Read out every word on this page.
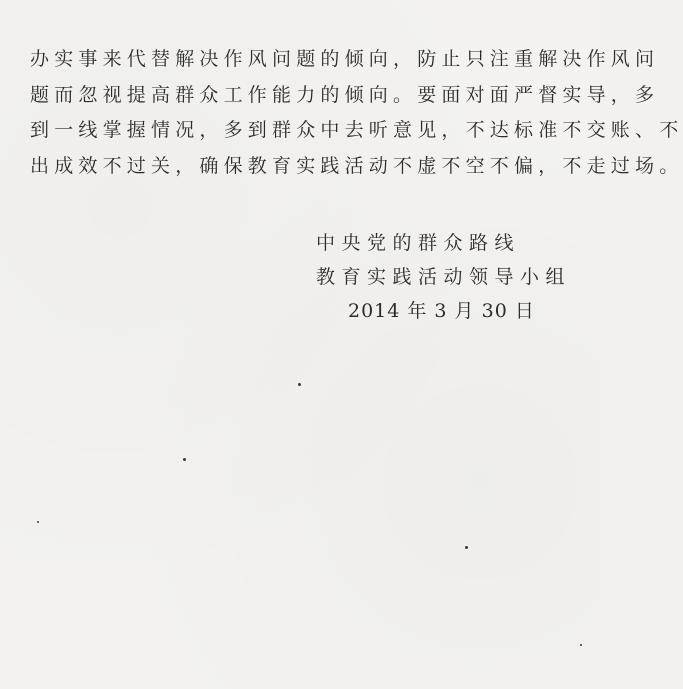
办实事来代替解决作风问题的倾向，防止只注重解决作风问
题而忽视提高群众工作能力的倾向。要面对面严督实导，多
到一线掌握情况，多到群众中去听意见，不达标准不交账、不
出成效不过关，确保教育实践活动不虚不空不偏，不走过场。
中央党的群众路线
教育实践活动领导小组
2014 年 3 月 30 日
